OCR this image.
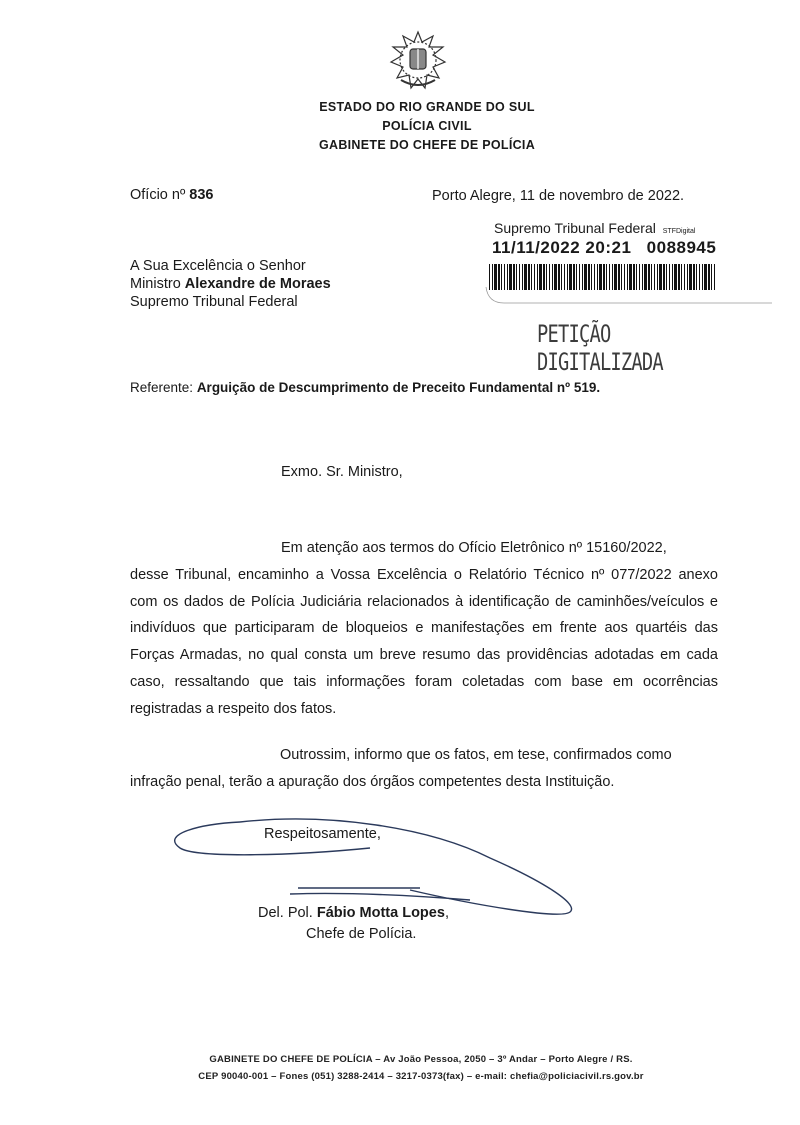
ESTADO DO RIO GRANDE DO SUL
POLÍCIA CIVIL
GABINETE DO CHEFE DE POLÍCIA
Ofício nº 836	Porto Alegre, 11 de novembro de 2022.
Supremo Tribunal Federal STFDigital
11/11/2022 20:21 0088945
PETIÇÃO DIGITALIZADA
A Sua Excelência o Senhor
Ministro Alexandre de Moraes
Supremo Tribunal Federal
Referente: Arguição de Descumprimento de Preceito Fundamental nº 519.
Exmo. Sr. Ministro,
Em atenção aos termos do Ofício Eletrônico nº 15160/2022,
desse Tribunal, encaminho a Vossa Excelência o Relatório Técnico nº 077/2022 anexo com os dados de Polícia Judiciária relacionados à identificação de caminhões/veículos e indivíduos que participaram de bloqueios e manifestações em frente aos quartéis das Forças Armadas, no qual consta um breve resumo das providências adotadas em cada caso, ressaltando que tais informações foram coletadas com base em ocorrências registradas a respeito dos fatos.
Outrossim, informo que os fatos, em tese, confirmados como
infração penal, terão a apuração dos órgãos competentes desta Instituição.
Respeitosamente,
Del. Pol. Fábio Motta Lopes,
Chefe de Polícia.
GABINETE DO CHEFE DE POLÍCIA – Av João Pessoa, 2050 – 3º Andar – Porto Alegre / RS.
CEP 90040-001 – Fones (051) 3288-2414 – 3217-0373(fax) – e-mail: chefia@policiacivil.rs.gov.br
